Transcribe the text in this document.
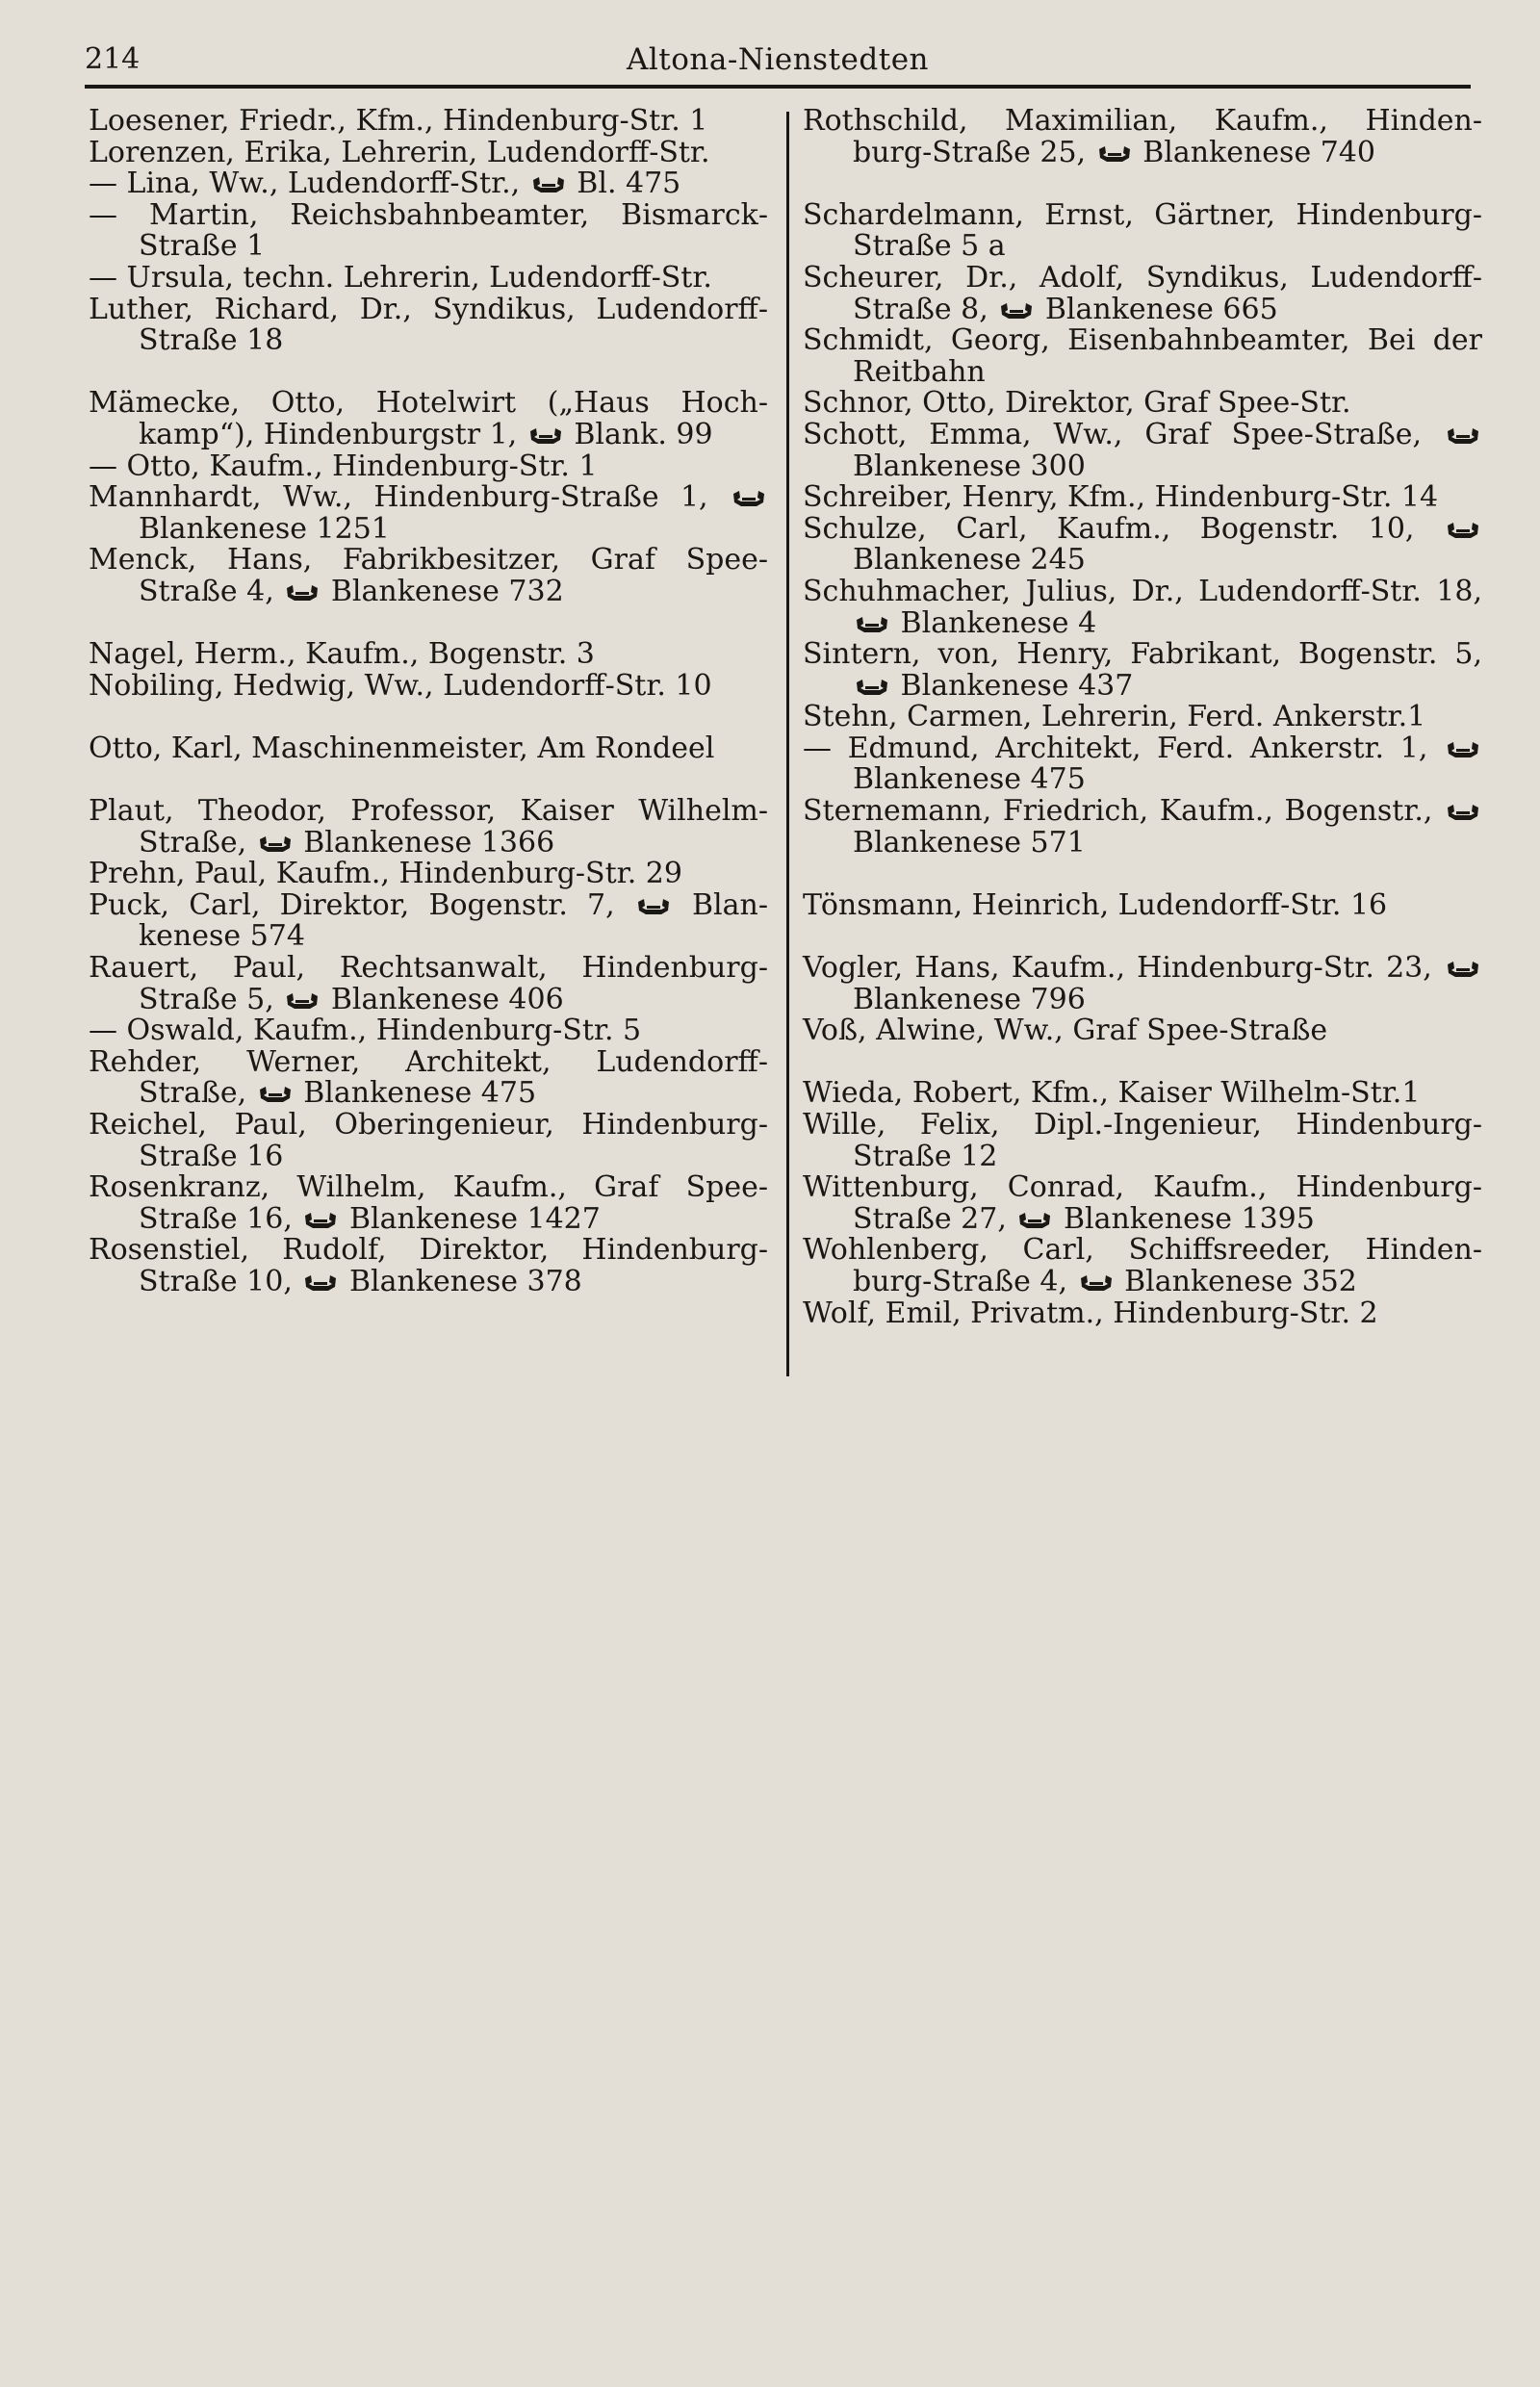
214	Altona‑Nienstedten

Loesener, Friedr., Kfm., Hindenburg‑Str. 1

Lorenzen, Erika, Lehrerin, Ludendorff‑Str.

— Lina, Ww., Ludendorff‑Str., Bl. 475

— Martin, Reichsbahnbeamter, Bismarck‑ Straße 1

— Ursula, techn. Lehrerin, Ludendorff‑Str.

Luther, Richard, Dr., Syndikus, Ludendorff‑ Straße 18

Mämecke, Otto, Hotelwirt („Haus Hoch‑ kamp“), Hindenburgstr 1, Blank. 99

— Otto, Kaufm., Hindenburg‑Str. 1

Mannhardt, Ww., Hindenburg‑Straße 1,
Blankenese 1251

Menck, Hans, Fabrikbesitzer, Graf Spee‑ Straße 4, Blankenese 732

Nagel, Herm., Kaufm., Bogenstr. 3

Nobiling, Hedwig, Ww., Ludendorff‑Str. 10

Otto, Karl, Maschinenmeister, Am Rondeel

Plaut, Theodor, Professor, Kaiser Wilhelm‑ Straße, Blankenese 1366

Prehn, Paul, Kaufm., Hindenburg‑Str. 29

Puck, Carl, Direktor, Bogenstr. 7,	Blan‑ kenese 574

Rauert, Paul, Rechtsanwalt, Hindenburg‑ Straße 5, Blankenese 406

— Oswald, Kaufm., Hindenburg‑Str. 5

Rehder, Werner, Architekt, Ludendorff‑ Straße, Blankenese 475

Reichel, Paul, Oberingenieur, Hindenburg‑ Straße 16

Rosenkranz, Wilhelm, Kaufm., Graf Spee‑ Straße 16, Blankenese 1427

Rosenstiel, Rudolf, Direktor, Hindenburg‑ Straße 10, Blankenese 378

Rothschild, Maximilian, Kaufm., Hinden‑ burg‑Straße 25, Blankenese 740

Schardelmann, Ernst, Gärtner, Hindenburg‑ Straße 5 a

Scheurer, Dr., Adolf, Syndikus, Ludendorff‑ Straße 8, Blankenese 665

Schmidt, Georg, Eisenbahnbeamter, Bei der Reitbahn

Schnor, Otto, Direktor, Graf Spee‑Str.

Schott, Emma, Ww., Graf Spee‑Straße,
Blankenese 300

Schreiber, Henry, Kfm., Hindenburg‑Str. 14

Schulze, Carl, Kaufm., Bogenstr. 10,
Blankenese 245

Schuhmacher, Julius, Dr., Ludendorff‑Str. 18,
Blankenese 4

Sintern, von, Henry, Fabrikant, Bogenstr. 5,
Blankenese 437

Stehn, Carmen, Lehrerin, Ferd. Ankerstr.1

— Edmund, Architekt, Ferd. Ankerstr. 1,
Blankenese 475

Sternemann, Friedrich, Kaufm., Bogenstr.,
Blankenese 571

Tönsmann, Heinrich, Ludendorff‑Str. 16

Vogler, Hans, Kaufm., Hindenburg‑Str. 23,
Blankenese 796

Voß, Alwine, Ww., Graf Spee‑Straße

Wieda, Robert, Kfm., Kaiser Wilhelm‑Str.1

Wille, Felix, Dipl.‑Ingenieur, Hindenburg‑ Straße 12

Wittenburg, Conrad, Kaufm., Hindenburg‑ Straße 27, Blankenese 1395

Wohlenberg, Carl, Schiffsreeder, Hinden‑ burg‑Straße 4, Blankenese 352

Wolf, Emil, Privatm., Hindenburg‑Str. 2
